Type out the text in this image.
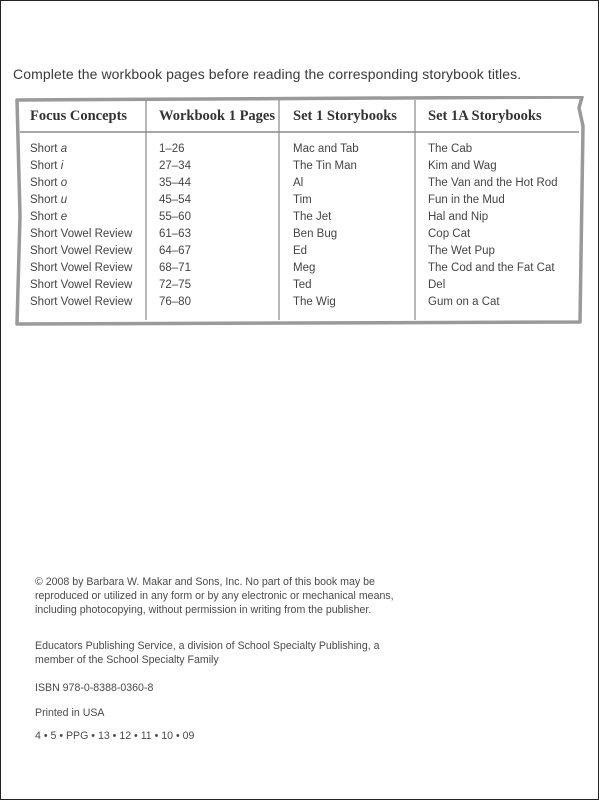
Complete the workbook pages before reading the corresponding storybook titles.
Focus Concepts Workbook 1 Pages Set 1 Storybooks Set 1A Storybooks
Short a
Short i
Short o
Short u
Short e
Short Vowel Review
Short Vowel Review
Short Vowel Review
Short Vowel Review
Short Vowel Review
1–26
27–34
35–44
45–54
55–60
61–63
64–67
68–71
72–75
76–80
Mac and Tab
The Tin Man
Al
Tim
The Jet
Ben Bug
Ed
Meg
Ted
The Wig
The Cab
Kim and Wag
The Van and the Hot Rod
Fun in the Mud
Hal and Nip
Cop Cat
The Wet Pup
The Cod and the Fat Cat
Del
Gum on a Cat

© 2008 by Barbara W. Makar and Sons, Inc. No part of this book may be reproduced or utilized in any form or by any electronic or mechanical means, including photocopying, without permission in writing from the publisher.

Educators Publishing Service, a division of School Specialty Publishing, a member of the School Specialty Family

ISBN 978-0-8388-0360-8

Printed in USA

4 • 5 • PPG • 13 • 12 • 11 • 10 • 09
